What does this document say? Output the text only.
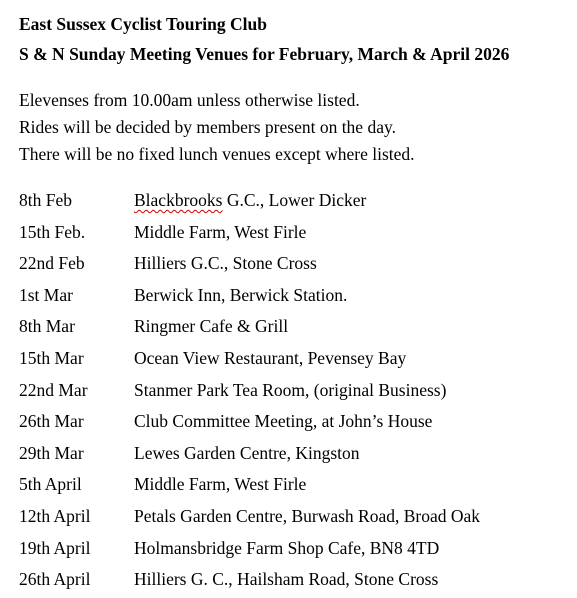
East Sussex Cyclist Touring Club
S & N Sunday Meeting Venues for February, March & April 2026
Elevenses from 10.00am unless otherwise listed.
Rides will be decided by members present on the day.
There will be no fixed lunch venues except where listed.
8th Feb	Blackbrooks G.C., Lower Dicker
15th Feb.	Middle Farm, West Firle
22nd Feb	Hilliers G.C., Stone Cross
1st Mar	Berwick Inn, Berwick Station.
8th Mar	Ringmer Cafe & Grill
15th Mar	Ocean View Restaurant, Pevensey Bay
22nd Mar	Stanmer Park Tea Room, (original Business)
26th Mar	Club Committee Meeting, at John’s House
29th Mar	Lewes Garden Centre, Kingston
5th April	Middle Farm, West Firle
12th April	Petals Garden Centre, Burwash Road, Broad Oak
19th April	Holmansbridge Farm Shop Cafe, BN8 4TD
26th April	Hilliers G. C., Hailsham Road, Stone Cross
